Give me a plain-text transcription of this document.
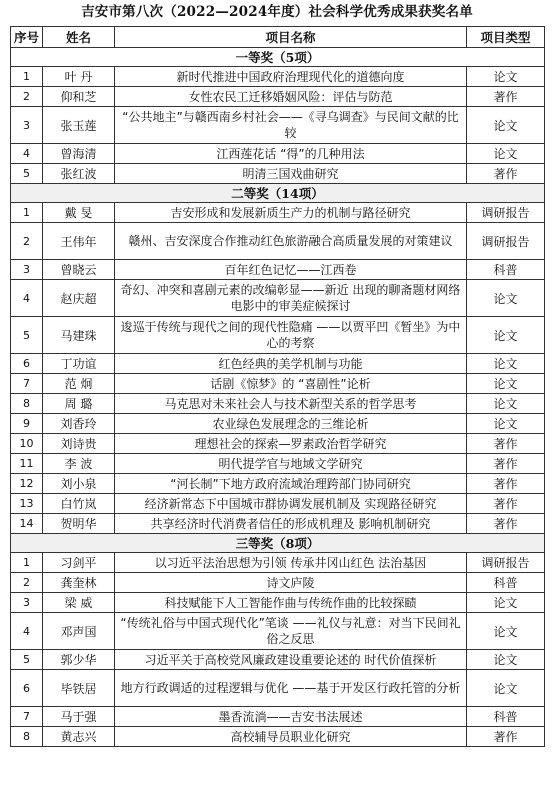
吉安市第八次（2022—2024年度）社会科学优秀成果获奖名单
序号	姓名	项目名称	项目类型
一等奖（5项）			
1	叶 丹	新时代推进中国政府治理现代化的道德向度	论文
2	仰和芝	女性农民工迁移婚姻风险：评估与防范	著作
3	张玉莲	“公共地主”与赣西南乡村社会——《寻乌调查》与民间文献的比较	论文
4	曾海清	江西莲花话 “得”的几种用法	论文
5	张红波	明清三国戏曲研究	著作
二等奖（14项）			
1	戴 旻	吉安形成和发展新质生产力的机制与路径研究	调研报告
2	王伟年	赣州、吉安深度合作推动红色旅游融合高质量发展的对策建议	调研报告
3	曾晓云	百年红色记忆——江西卷	科普
4	赵庆超	奇幻、冲突和喜剧元素的改编彰显——新近 出现的聊斋题材网络电影中的审美症候探讨	论文
5	马建珠	逡巡于传统与现代之间的现代性隐痛 ——以贾平凹《暂坐》为中心的考察	论文
6	丁功谊	红色经典的美学机制与功能	论文
7	范 炯	话剧《惊梦》的 “喜剧性”论析	论文
8	周 璐	马克思对未来社会人与技术新型关系的哲学思考	论文
9	刘香玲	农业绿色发展理念的三维论析	论文
10	刘诗贵	理想社会的探索—罗素政治哲学研究	著作
11	李 波	明代提学官与地域文学研究	著作
12	刘小泉	“河长制”下地方政府流域治理跨部门协同研究	著作
13	白竹岚	经济新常态下中国城市群协调发展机制及 实现路径研究	著作
14	贺明华	共享经济时代消费者信任的形成机理及 影响机制研究	著作
三等奖（8项）			
1	习剑平	以习近平法治思想为引领 传承井冈山红色 法治基因	调研报告
2	龚奎林	诗文庐陵	科普
3	梁 威	科技赋能下人工智能作曲与传统作曲的比较探赜	论文
4	邓声国	“传统礼俗与中国式现代化”笔谈 ——礼仪与礼意：对当下民间礼俗之反思	论文
5	郭少华	习近平关于高校党风廉政建设重要论述的 时代价值探析	论文
6	毕铁居	地方行政调适的过程逻辑与优化 ——基于开发区行政托管的分析	论文
7	马于强	墨香流淌——吉安书法展述	科普
8	黄志兴	高校辅导员职业化研究	著作
